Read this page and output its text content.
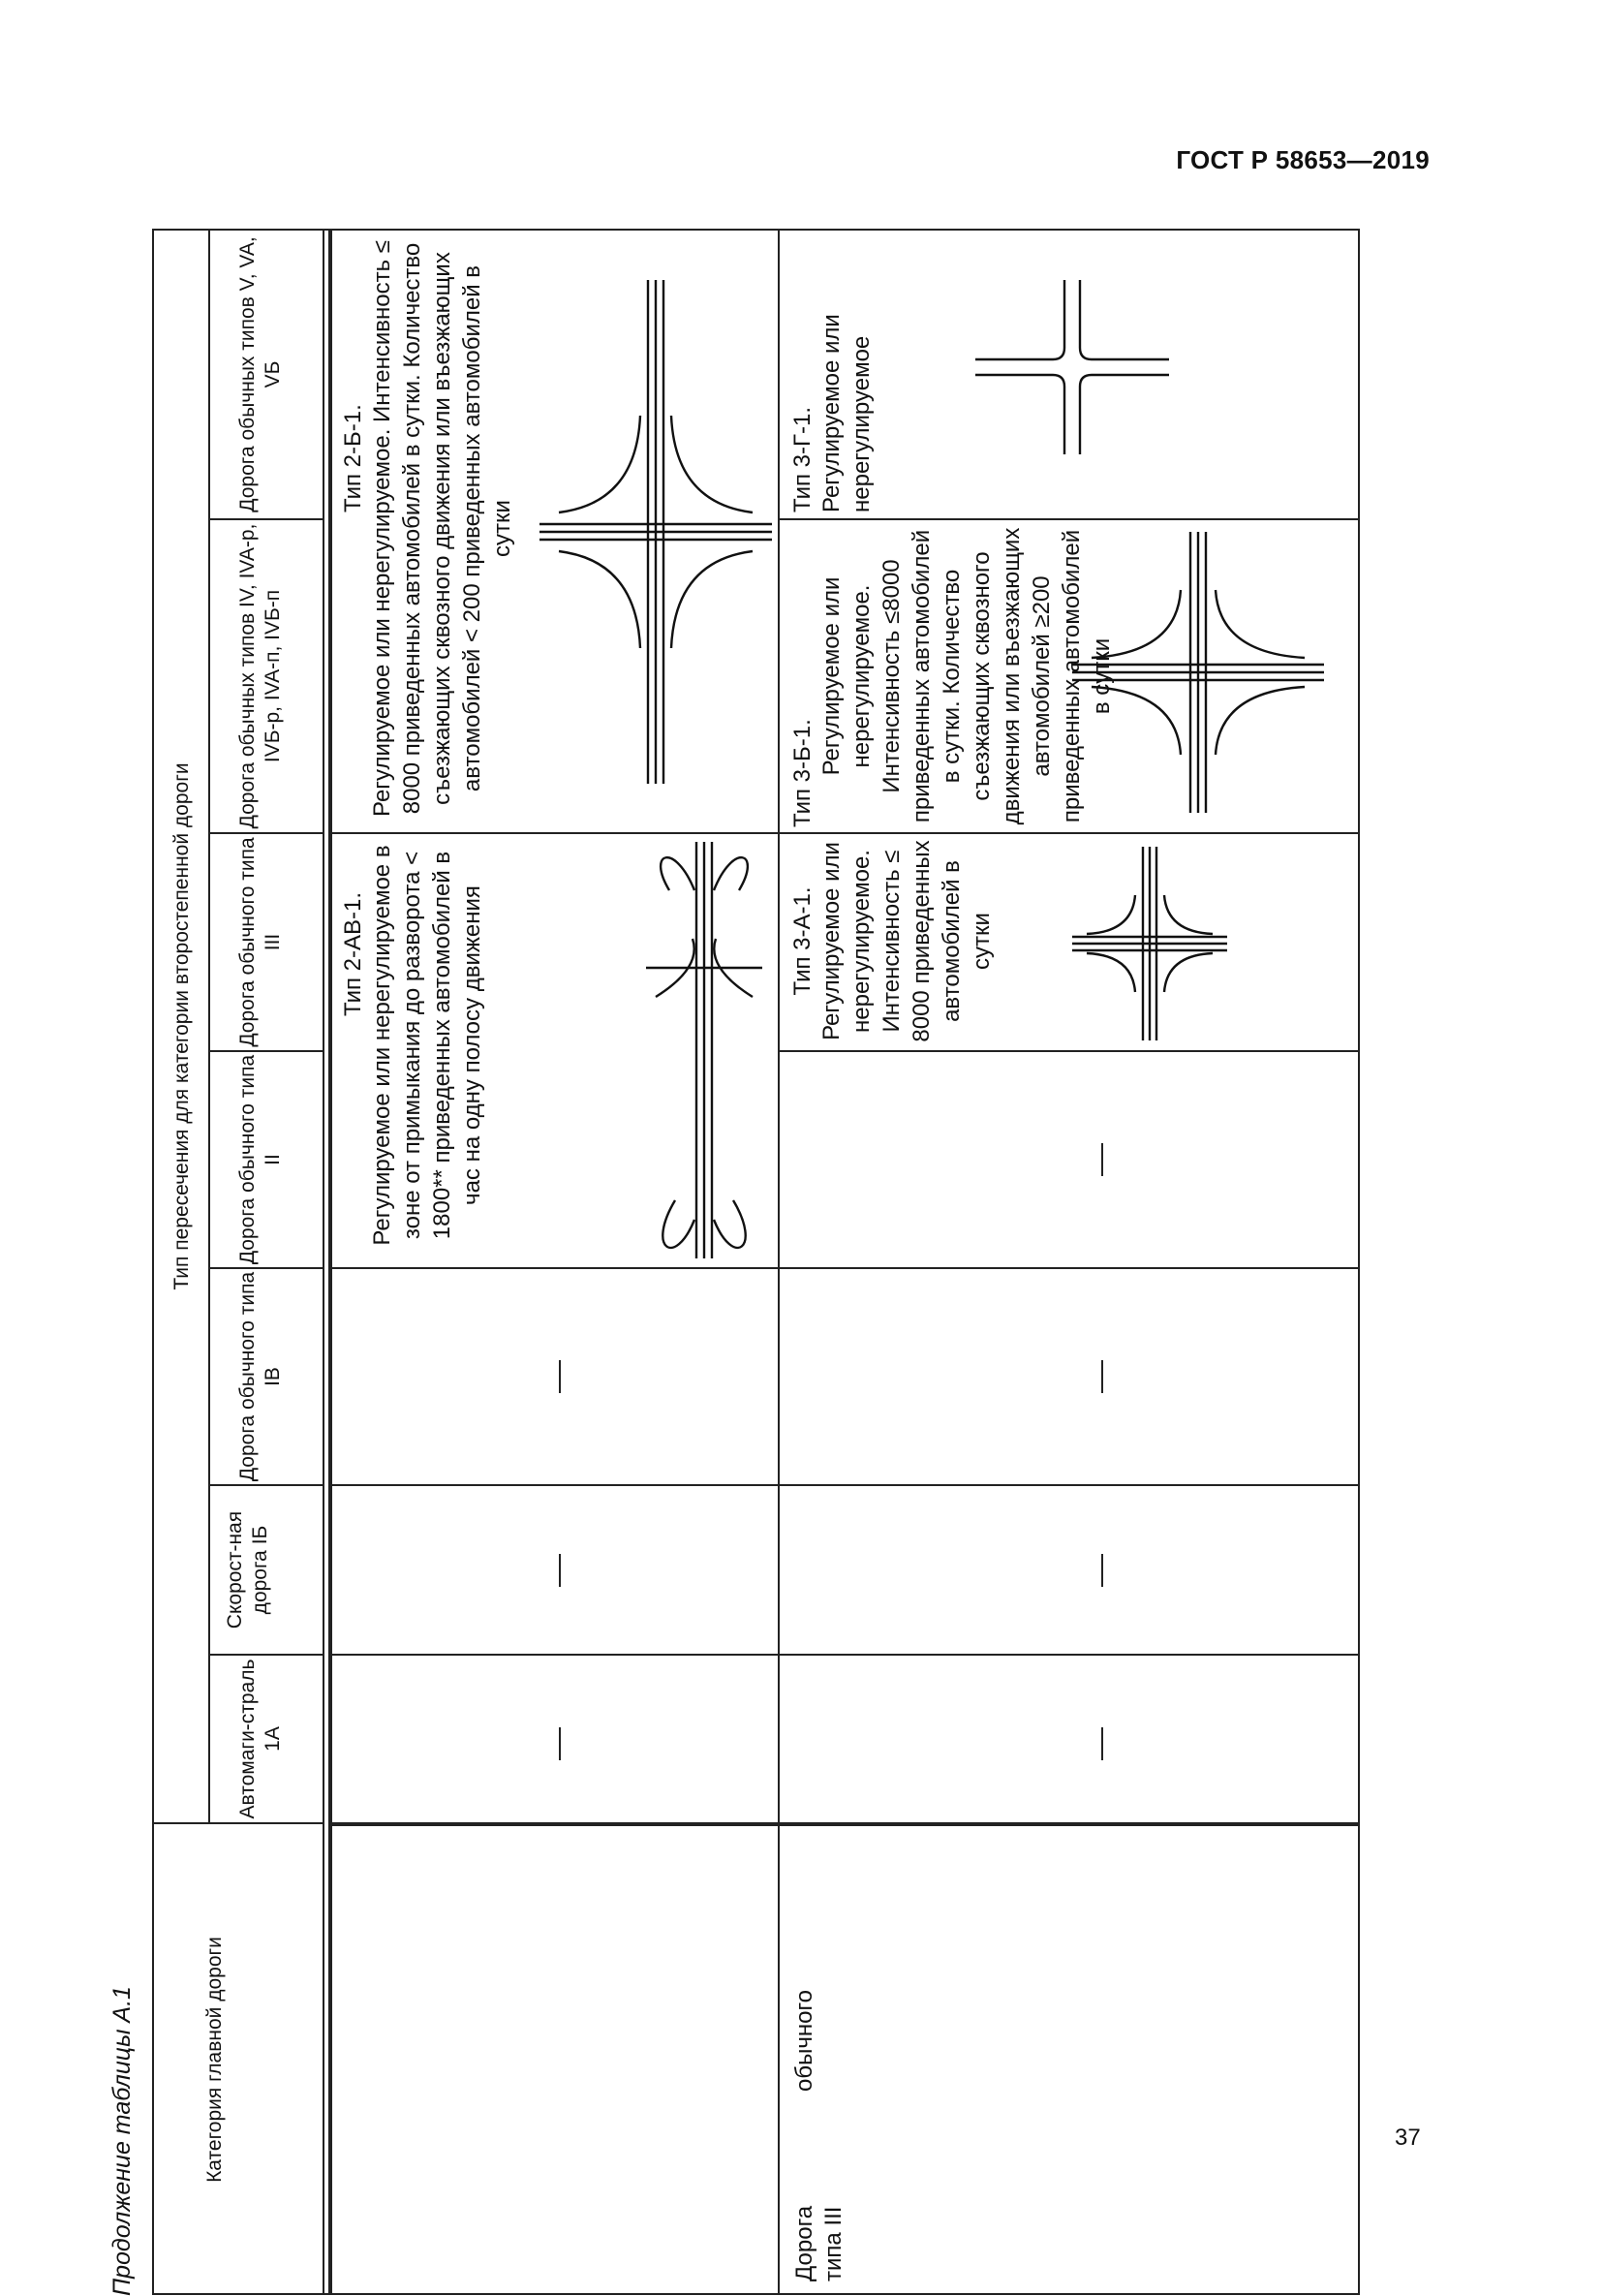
ГОСТ Р 58653—2019
Продолжение таблицы А.1	37
Категория главной дороги
Тип пересечения для категории второстепенной дороги
Автомаги-страль 1А
Скорост-ная дорога IБ
Дорога обычного типа IВ
Дорога обычного типа II
Дорога обычного типа III
Дорога обычных типов IV, IVA-р, IVБ-р, IVA-п, IVБ-п
Дорога обычных типов V, VA, VБ
Тип 2-АВ-1. Регулируемое или нерегулируемое в зоне от примыкания до разворота < 1800** приведенных автомобилей в час на одну полосу движения
Тип 2-Б-1. Регулируемое или нерегулируемое. Интенсивность ≤ 8000 приведенных автомобилей в сутки. Количество съезжающих сквозного движения или въезжающих автомобилей < 200 приведенных автомобилей в сутки
Дорога
обычного
типа III
Тип 3-А-1. Регулируемое или нерегулируемое. Интенсивность ≤ 8000 приведенных автомобилей в сутки
Тип 3-Б-1. Регулируемое или нерегулируемое. Интенсивность ≤8000 приведенных автомобилей в сутки. Количество съезжающих сквозного движения или въезжающих автомобилей ≥200 приведенных автомобилей в сутки
Тип 3-Г-1. Регулируемое или нерегулируемое
